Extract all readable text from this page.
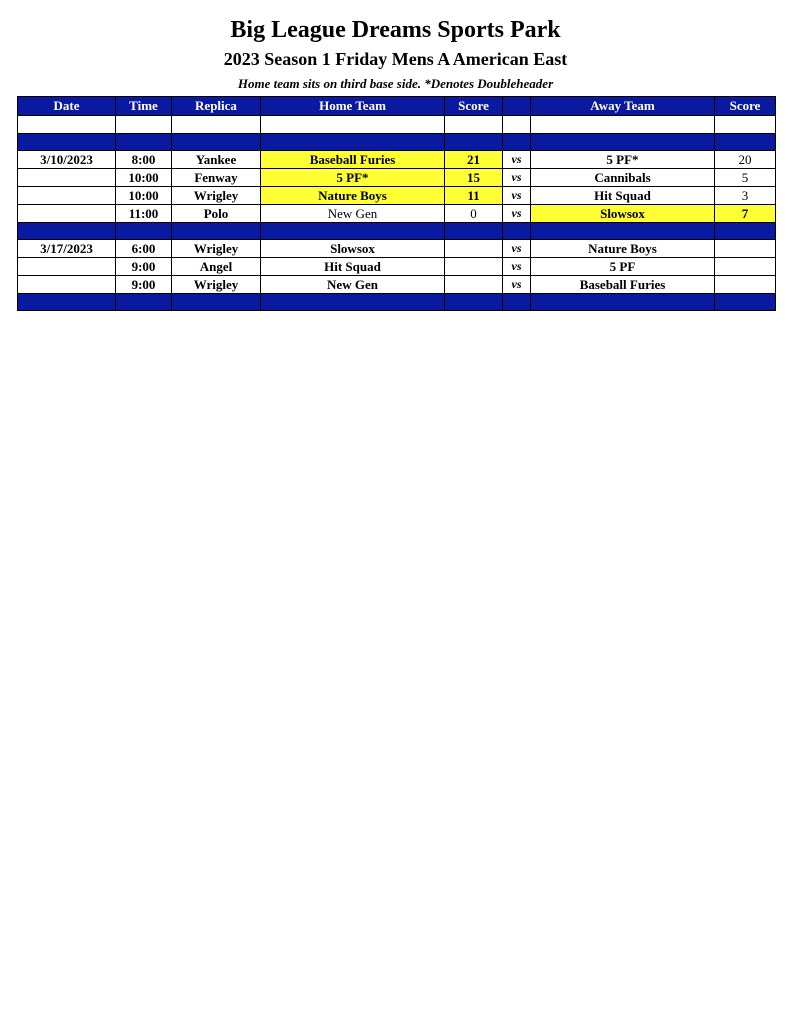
Big League Dreams Sports Park
2023 Season 1 Friday Mens A American East
Home team sits on third base side. *Denotes Doubleheader
Date	Time	Replica	Home Team	Score		Away Team	Score

3/10/2023	8:00	Yankee	Baseball Furies	21	vs	5 PF*	20
	10:00	Fenway	5 PF*	15	vs	Cannibals	5
	10:00	Wrigley	Nature Boys	11	vs	Hit Squad	3
	11:00	Polo	New Gen	0	vs	Slowsox	7

3/17/2023	6:00	Wrigley	Slowsox		vs	Nature Boys	
	9:00	Angel	Hit Squad		vs	5 PF	
	9:00	Wrigley	New Gen		vs	Baseball Furies	
